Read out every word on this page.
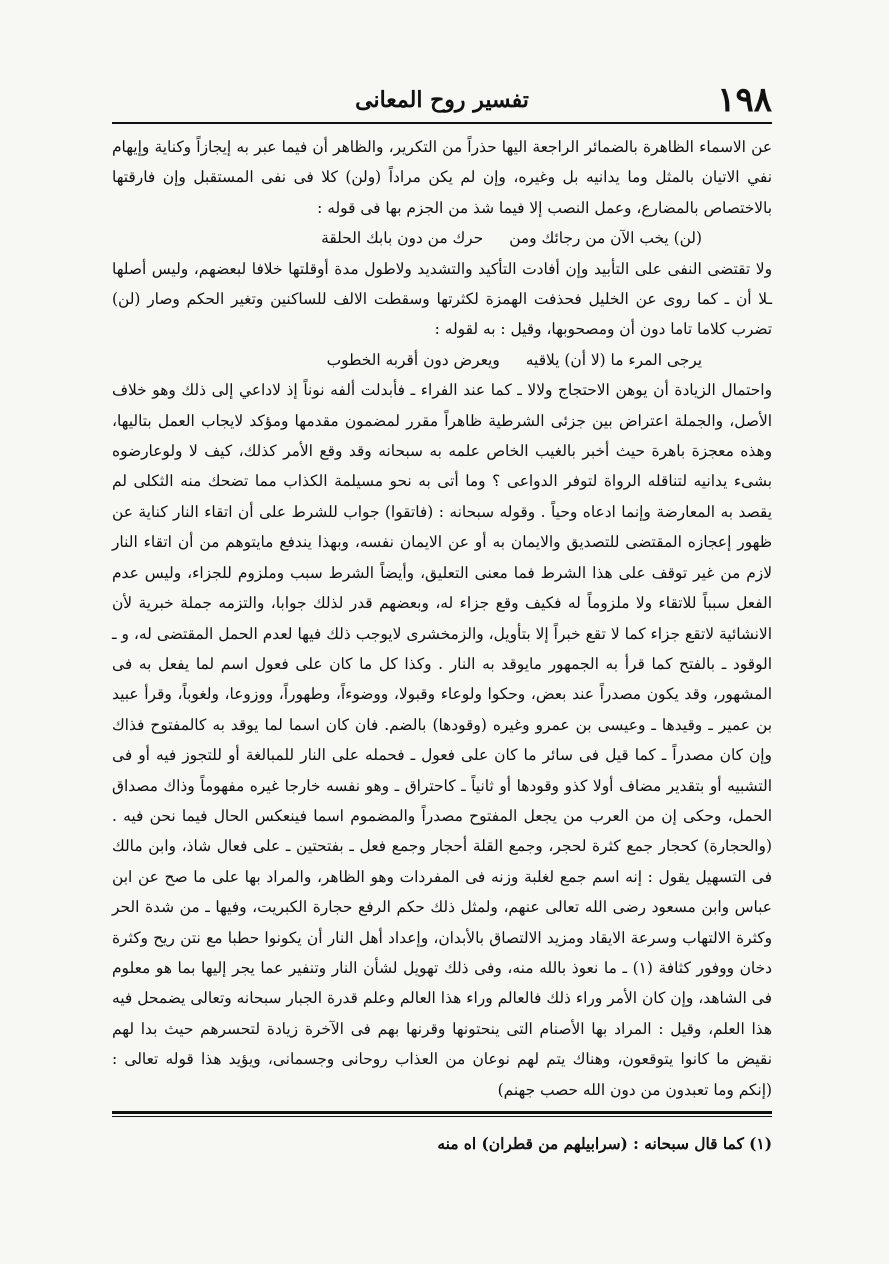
١٩٨
تفسير روح المعانى

عن الاسماء الظاهرة بالضمائر الراجعة اليها حذراً من التكرير، والظاهر أن فيما عبر به إيجازاً وكناية وإيهام نفي الاتيان بالمثل وما يدانيه بل وغيره، وإن لم يكن مراداً (ولن) كلا فى نفى المستقبل وإن فارقتها بالاختصاص بالمضارع، وعمل النصب إلا فيما شذ من الجزم بها فى قوله :

(لن) يخب الآن من رجائك ومنحرك من دون بابك الحلقة

ولا تقتضى النفى على التأبيد وإن أفادت التأكيد والتشديد ولاطول مدة أوقلتها خلافا لبعضهم، وليس أصلها ـلا أن ـ كما روى عن الخليل فحذفت الهمزة لكثرتها وسقطت الالف للساكنين وتغير الحكم وصار (لن) تضرب كلاما تاما دون أن ومصحوبها، وقيل : به لقوله :

يرجى المرء ما (لا أن) يلاقيهويعرض دون أقربه الخطوب

واحتمال الزيادة أن يوهن الاحتجاج ولالا ـ كما عند الفراء ـ فأبدلت ألفه نوناً إذ لاداعي إلى ذلك وهو خلاف الأصل، والجملة اعتراض بين جزئى الشرطية ظاهراً مقرر لمضمون مقدمها ومؤكد لايجاب العمل بتاليها، وهذه معجزة باهرة حيث أخبر بالغيب الخاص علمه به سبحانه وقد وقع الأمر كذلك، كيف لا ولوعارضوه بشىء يدانيه لتناقله الرواة لتوفر الدواعى ؟ وما أتى به نحو مسيلمة الكذاب مما تضحك منه الثكلى لم يقصد به المعارضة وإنما ادعاه وحياً . وقوله سبحانه : (فاتقوا) جواب للشرط على أن اتقاء النار كناية عن ظهور إعجازه المقتضى للتصديق والايمان به أو عن الايمان نفسه، وبهذا يندفع مايتوهم من أن اتقاء النار لازم من غير توقف على هذا الشرط فما معنى التعليق، وأيضاً الشرط سبب وملزوم للجزاء، وليس عدم الفعل سبباً للاتقاء ولا ملزوماً له فكيف وقع جزاء له، وبعضهم قدر لذلك جوابا، والتزمه جملة خبرية لأن الانشائية لاتقع جزاء كما لا تقع خبراً إلا بتأويل، والزمخشرى لايوجب ذلك فيها لعدم الحمل المقتضى له، و ـ الوقود ـ بالفتح كما قرأ به الجمهور مايوقد به النار . وكذا كل ما كان على فعول اسم لما يفعل به فى المشهور، وقد يكون مصدراً عند بعض، وحكوا ولوعاء وقبولا، ووضوءاً، وطهوراً، ووزوعا، ولغوباً، وقرأ عبيد بن عمير ـ وقيدها ـ وعيسى بن عمرو وغيره (وقودها) بالضم. فان كان اسما لما يوقد به كالمفتوح فذاك وإن كان مصدراً ـ كما قيل فى سائر ما كان على فعول ـ فحمله على النار للمبالغة أو للتجوز فيه أو فى التشبيه أو بتقدير مضاف أولا كذو وقودها أو ثانياً ـ كاحتراق ـ وهو نفسه خارجا غيره مفهوماً وذاك مصداق الحمل، وحكى إن من العرب من يجعل المفتوح مصدراً والمضموم اسما فينعكس الحال فيما نحن فيه . (والحجارة) كحجار جمع كثرة لحجر، وجمع القلة أحجار وجمع فعل ـ بفتحتين ـ على فعال شاذ، وابن مالك فى التسهيل يقول : إنه اسم جمع لغلبة وزنه فى المفردات وهو الظاهر، والمراد بها على ما صح عن ابن عباس وابن مسعود رضى الله تعالى عنهم، ولمثل ذلك حكم الرفع حجارة الكبريت، وفيها ـ من شدة الحر وكثرة الالتهاب وسرعة الايقاد ومزيد الالتصاق بالأبدان، وإعداد أهل النار أن يكونوا حطبا مع نتن ريح وكثرة دخان ووفور كثافة (١) ـ ما نعوذ بالله منه، وفى ذلك تهويل لشأن النار وتنفير عما يجر إليها بما هو معلوم فى الشاهد، وإن كان الأمر وراء ذلك فالعالم وراء هذا العالم وعلم قدرة الجبار سبحانه وتعالى يضمحل فيه هذا العلم، وقيل : المراد بها الأصنام التى ينحتونها وقرنها بهم فى الآخرة زيادة لتحسرهم حيث بدا لهم نقيض ما كانوا يتوقعون، وهناك يتم لهم نوعان من العذاب روحانى وجسمانى، ويؤيد هذا قوله تعالى : (إنكم وما تعبدون من دون الله حصب جهنم)

(١) كما قال سبحانه : (سرابيلهم من قطران) اه منه
